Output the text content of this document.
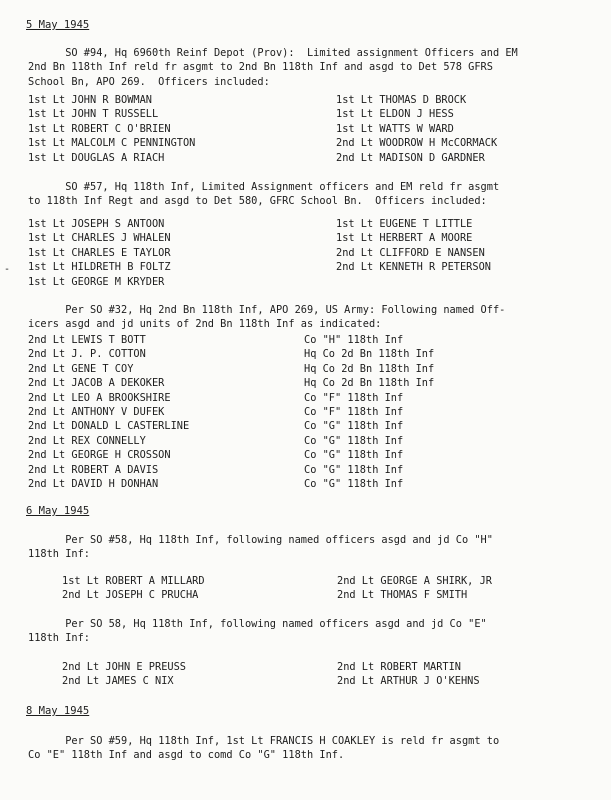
5 May 1945

SO #94, Hq 6960th Reinf Depot (Prov):  Limited assignment Officers and EM
2nd Bn 118th Inf reld fr asgmt to 2nd Bn 118th Inf and asgd to Det 578 GFRS
School Bn, APO 269.  Officers included:

1st Lt JOHN R BOWMAN	1st Lt THOMAS D BROCK
1st Lt JOHN T RUSSELL	1st Lt ELDON J HESS
1st Lt ROBERT C O'BRIEN	1st Lt WATTS W WARD
1st Lt MALCOLM C PENNINGTON	2nd Lt WOODROW H McCORMACK
1st Lt DOUGLAS A RIACH	2nd Lt MADISON D GARDNER

SO #57, Hq 118th Inf, Limited Assignment officers and EM reld fr asgmt
to 118th Inf Regt and asgd to Det 580, GFRC School Bn.  Officers included:

-
1st Lt JOSEPH S ANTOON	1st Lt EUGENE T LITTLE
1st Lt CHARLES J WHALEN	1st Lt HERBERT A MOORE
1st Lt CHARLES E TAYLOR	2nd Lt CLIFFORD E NANSEN
1st Lt HILDRETH B FOLTZ	2nd Lt KENNETH R PETERSON
1st Lt GEORGE M KRYDER

Per SO #32, Hq 2nd Bn 118th Inf, APO 269, US Army: Following named Off-
icers asgd and jd units of 2nd Bn 118th Inf as indicated:

2nd Lt LEWIS T BOTT	Co "H" 118th Inf
2nd Lt J. P. COTTON	Hq Co 2d Bn 118th Inf
2nd Lt GENE T COY	Hq Co 2d Bn 118th Inf
2nd Lt JACOB A DEKOKER	Hq Co 2d Bn 118th Inf
2nd Lt LEO A BROOKSHIRE	Co "F" 118th Inf
2nd Lt ANTHONY V DUFEK	Co "F" 118th Inf
2nd Lt DONALD L CASTERLINE	Co "G" 118th Inf
2nd Lt REX CONNELLY	Co "G" 118th Inf
2nd Lt GEORGE H CROSSON	Co "G" 118th Inf
2nd Lt ROBERT A DAVIS	Co "G" 118th Inf
2nd Lt DAVID H DONHAN	Co "G" 118th Inf
6 May 1945

Per SO #58, Hq 118th Inf, following named officers asgd and jd Co "H"
118th Inf:

1st Lt ROBERT A MILLARD	2nd Lt GEORGE A SHIRK, JR
2nd Lt JOSEPH C PRUCHA	2nd Lt THOMAS F SMITH

Per SO 58, Hq 118th Inf, following named officers asgd and jd Co "E"
118th Inf:

2nd Lt JOHN E PREUSS	2nd Lt ROBERT MARTIN
2nd Lt JAMES C NIX	2nd Lt ARTHUR J O'KEHNS
8 May 1945

Per SO #59, Hq 118th Inf, 1st Lt FRANCIS H COAKLEY is reld fr asgmt to
Co "E" 118th Inf and asgd to comd Co "G" 118th Inf.
